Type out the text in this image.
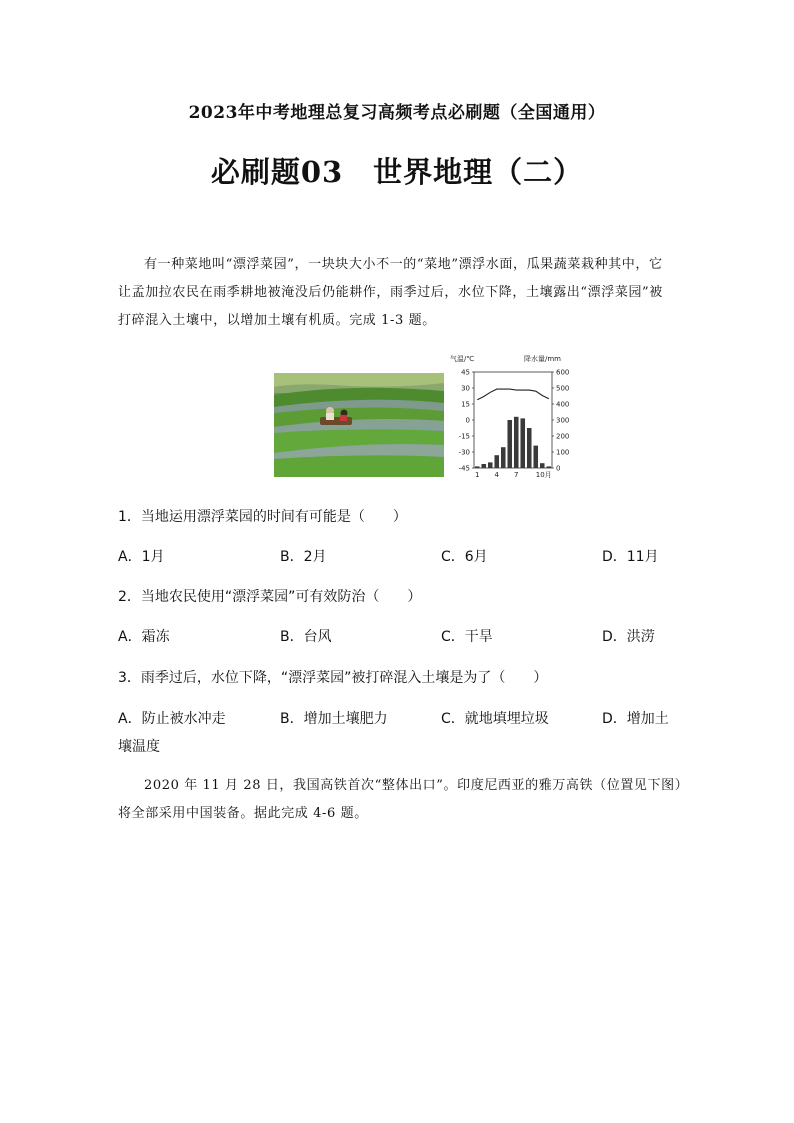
2023年中考地理总复习高频考点必刷题（全国通用）
必刷题03　世界地理（二）
有一种菜地叫“漂浮菜园”，一块块大小不一的“菜地”漂浮水面，瓜果蔬菜栽种其中，它
让孟加拉农民在雨季耕地被淹没后仍能耕作，雨季过后，水位下降，土壤露出“漂浮菜园”被
打碎混入土壤中，以增加土壤有机质。完成 1-3 题。
气温/℃	降水量/mm
45
30
15
0
-15
-30
-45
600
500
400
300
200
100
0
1 4 7 10月
1．当地运用漂浮菜园的时间有可能是（　　）
A．1月	B．2月	C．6月	D．11月
2．当地农民使用“漂浮菜园”可有效防治（　　）
A．霜冻	B．台风	C．干旱	D．洪涝
3．雨季过后，水位下降，“漂浮菜园”被打碎混入土壤是为了（　　）
A．防止被水冲走	B．增加土壤肥力	C．就地填埋垃圾	D．增加土
壤温度
2020 年 11 月 28 日，我国高铁首次“整体出口”。印度尼西亚的雅万高铁（位置见下图）
将全部采用中国装备。据此完成 4-6 题。
